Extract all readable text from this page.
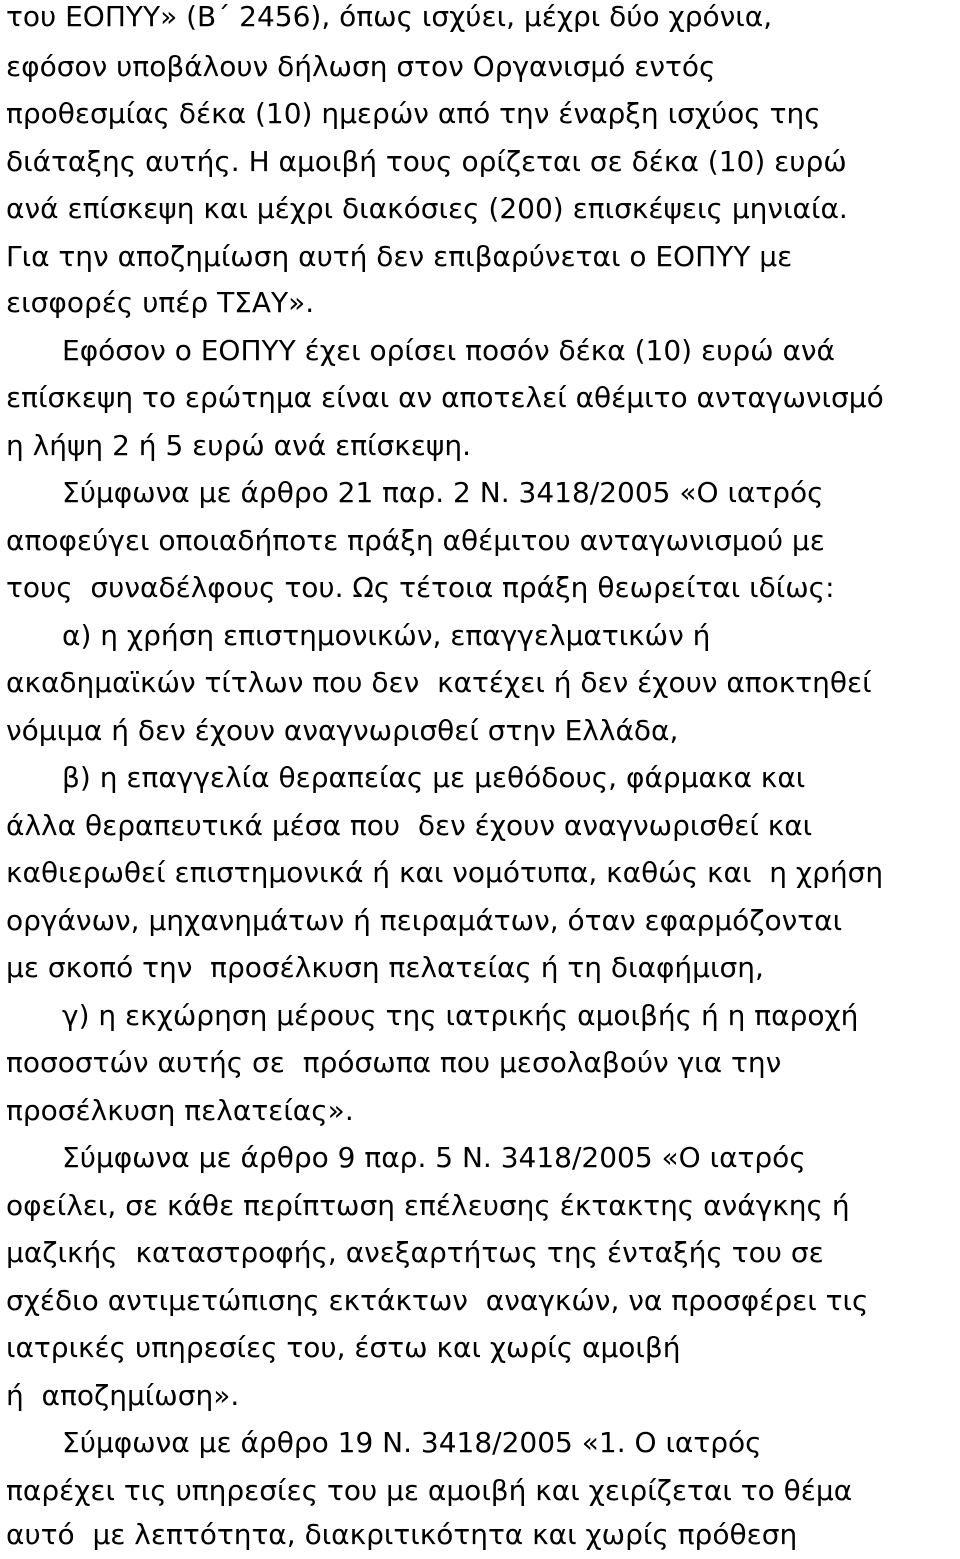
του ΕΟΠΥΥ» (Β΄ 2456), όπως ισχύει, μέχρι δύο χρόνια,
εφόσον υποβάλουν δήλωση στον Οργανισμό εντός
προθεσμίας δέκα (10) ημερών από την έναρξη ισχύος της
διάταξης αυτής. Η αμοιβή τους ορίζεται σε δέκα (10) ευρώ
ανά επίσκεψη και μέχρι διακόσιες (200) επισκέψεις μηνιαία.
Για την αποζημίωση αυτή δεν επιβαρύνεται ο ΕΟΠΥΥ με
εισφορές υπέρ ΤΣΑΥ».
Εφόσον ο ΕΟΠΥΥ έχει ορίσει ποσόν δέκα (10) ευρώ ανά
επίσκεψη το ερώτημα είναι αν αποτελεί αθέμιτο ανταγωνισμό
η λήψη 2 ή 5 ευρώ ανά επίσκεψη.
Σύμφωνα με άρθρο 21 παρ. 2 Ν. 3418/2005 «Ο ιατρός
αποφεύγει οποιαδήποτε πράξη αθέμιτου ανταγωνισμού με
τους  συναδέλφους του. Ως τέτοια πράξη θεωρείται ιδίως:
α) η χρήση επιστημονικών, επαγγελματικών ή
ακαδημαϊκών τίτλων που δεν  κατέχει ή δεν έχουν αποκτηθεί
νόμιμα ή δεν έχουν αναγνωρισθεί στην Ελλάδα,
β) η επαγγελία θεραπείας με μεθόδους, φάρμακα και
άλλα θεραπευτικά μέσα που  δεν έχουν αναγνωρισθεί και
καθιερωθεί επιστημονικά ή και νομότυπα, καθώς και  η χρήση
οργάνων, μηχανημάτων ή πειραμάτων, όταν εφαρμόζονται
με σκοπό την  προσέλκυση πελατείας ή τη διαφήμιση,
γ) η εκχώρηση μέρους της ιατρικής αμοιβής ή η παροχή
ποσοστών αυτής σε  πρόσωπα που μεσολαβούν για την
προσέλκυση πελατείας».
Σύμφωνα με άρθρο 9 παρ. 5 Ν. 3418/2005 «Ο ιατρός
οφείλει, σε κάθε περίπτωση επέλευσης έκτακτης ανάγκης ή
μαζικής  καταστροφής, ανεξαρτήτως της ένταξής του σε
σχέδιο αντιμετώπισης εκτάκτων  αναγκών, να προσφέρει τις
ιατρικές υπηρεσίες του, έστω και χωρίς αμοιβή
ή  αποζημίωση».
Σύμφωνα με άρθρο 19 Ν. 3418/2005 «1. Ο ιατρός
παρέχει τις υπηρεσίες του με αμοιβή και χειρίζεται το θέμα
αυτό  με λεπτότητα, διακριτικότητα και χωρίς πρόθεση
